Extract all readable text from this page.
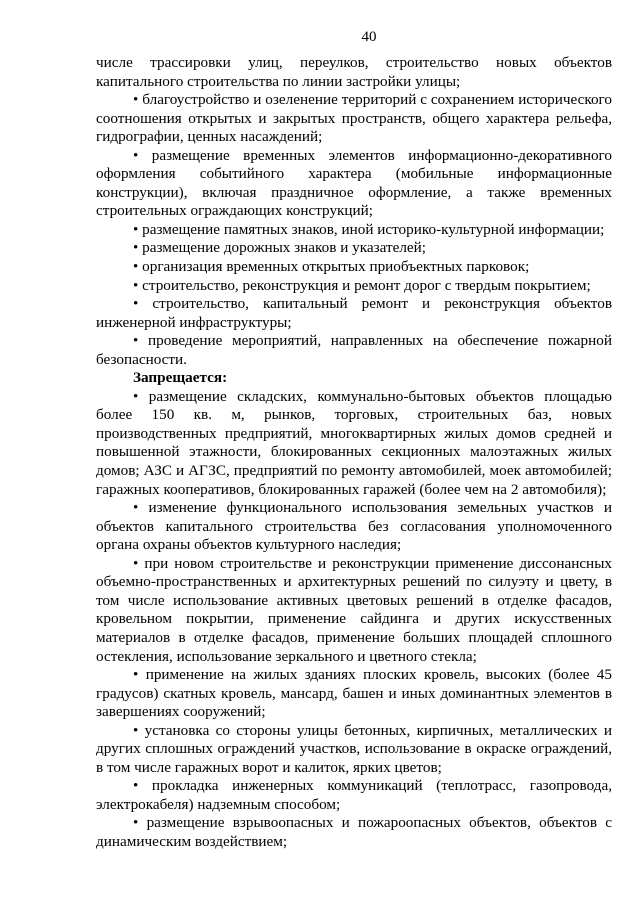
40

числе трассировки улиц, переулков, строительство новых объектов капитального строительства по линии застройки улицы;

• благоустройство и озеленение территорий с сохранением исторического соотношения открытых и закрытых пространств, общего характера рельефа, гидрографии, ценных насаждений;

• размещение временных элементов информационно-декоративного оформления событийного характера (мобильные информационные конструкции), включая праздничное оформление, а также временных строительных ограждающих конструкций;

• размещение памятных знаков, иной историко-культурной информации;

• размещение дорожных знаков и указателей;

• организация временных открытых приобъектных парковок;

• строительство, реконструкция и ремонт дорог с твердым покрытием;

• строительство, капитальный ремонт и реконструкция объектов инженерной инфраструктуры;

• проведение мероприятий, направленных на обеспечение пожарной безопасности.

Запрещается:

• размещение складских, коммунально-бытовых объектов площадью более 150 кв. м, рынков, торговых, строительных баз, новых производственных предприятий, многоквартирных жилых домов средней и повышенной этажности, блокированных секционных малоэтажных жилых домов; АЗС и АГЗС, предприятий по ремонту автомобилей, моек автомобилей; гаражных кооперативов, блокированных гаражей (более чем на 2 автомобиля);

• изменение функционального использования земельных участков и объектов капитального строительства без согласования уполномоченного органа охраны объектов культурного наследия;

• при новом строительстве и реконструкции применение диссонансных объемно-пространственных и архитектурных решений по силуэту и цвету, в том числе использование активных цветовых решений в отделке фасадов, кровельном покрытии, применение сайдинга и других искусственных материалов в отделке фасадов, применение больших площадей сплошного остекления, использование зеркального и цветного стекла;

• применение на жилых зданиях плоских кровель, высоких (более 45 градусов) скатных кровель, мансард, башен и иных доминантных элементов в завершениях сооружений;

• установка со стороны улицы бетонных, кирпичных, металлических и других сплошных ограждений участков, использование в окраске ограждений, в том числе гаражных ворот и калиток, ярких цветов;

• прокладка инженерных коммуникаций (теплотрасс, газопровода, электрокабеля) надземным способом;

• размещение взрывоопасных и пожароопасных объектов, объектов с динамическим воздействием;
